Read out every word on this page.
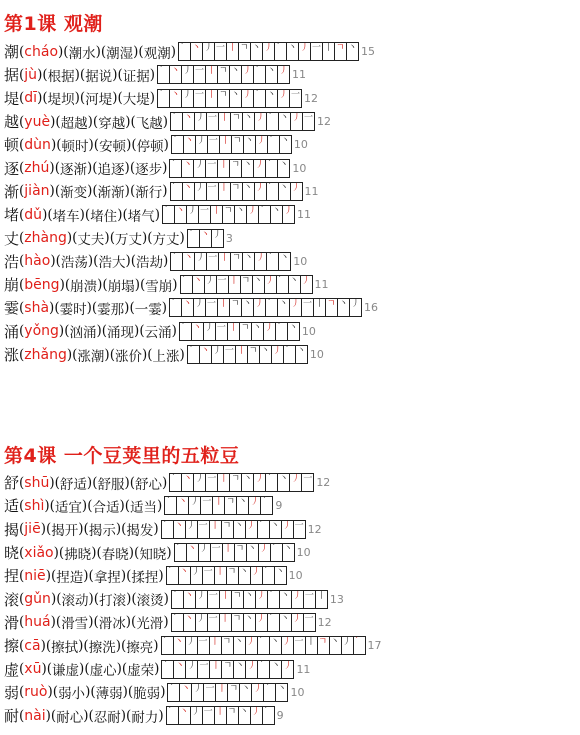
第1课 观潮
潮 ( cháo ) ( 潮水 ) ( 潮湿 ) ( 观潮 ) ` 丶 丿 一 丨 ㄱ 丶 丿 ` 丶 丿 一 丨 ㄱ 丶 15
据 ( jù ) ( 根据 ) ( 据说 ) ( 证据 ) ` 丶 丿 一 丨 ㄱ 丶 丿 ` 丶 丿 11
堤 ( dī ) ( 堤坝 ) ( 河堤 ) ( 大堤 ) ` 丶 丿 一 丨 ㄱ 丶 丿 ` 丶 丿 一 12
越 ( yuè ) ( 超越 ) ( 穿越 ) ( 飞越 ) ` 丶 丿 一 丨 ㄱ 丶 丿 ` 丶 丿 一 12
顿 ( dùn ) ( 顿时 ) ( 安顿 ) ( 停顿 ) ` 丶 丿 一 丨 ㄱ 丶 丿 ` 丶 10
逐 ( zhú ) ( 逐渐 ) ( 追逐 ) ( 逐步 ) ` 丶 丿 一 丨 ㄱ 丶 丿 ` 丶 10
渐 ( jiàn ) ( 渐变 ) ( 渐渐 ) ( 渐行 ) ` 丶 丿 一 丨 ㄱ 丶 丿 ` 丶 丿 11
堵 ( dǔ ) ( 堵车 ) ( 堵住 ) ( 堵气 ) ` 丶 丿 一 丨 ㄱ 丶 丿 ` 丶 丿 11
丈 ( zhàng ) ( 丈夫 ) ( 万丈 ) ( 方丈 ) ` 丶 丿 3
浩 ( hào ) ( 浩荡 ) ( 浩大 ) ( 浩劫 ) ` 丶 丿 一 丨 ㄱ 丶 丿 ` 丶 10
崩 ( bēng ) ( 崩溃 ) ( 崩塌 ) ( 雪崩 ) ` 丶 丿 一 丨 ㄱ 丶 丿 ` 丶 丿 11
霎 ( shà ) ( 霎时 ) ( 霎那 ) ( 一霎 ) ` 丶 丿 一 丨 ㄱ 丶 丿 ` 丶 丿 一 丨 ㄱ 丶 丿 16
涌 ( yǒng ) ( 汹涌 ) ( 涌现 ) ( 云涌 ) ` 丶 丿 一 丨 ㄱ 丶 丿 ` 丶 10
涨 ( zhǎng ) ( 涨潮 ) ( 涨价 ) ( 上涨 ) ` 丶 丿 一 丨 ㄱ 丶 丿 ` 丶 10
第4课 一个豆荚里的五粒豆
舒 ( shū ) ( 舒适 ) ( 舒服 ) ( 舒心 ) ` 丶 丿 一 丨 ㄱ 丶 丿 ` 丶 丿 一 12
适 ( shì ) ( 适宜 ) ( 合适 ) ( 适当 ) ` 丶 丿 一 丨 ㄱ 丶 丿 ` 9
揭 ( jiē ) ( 揭开 ) ( 揭示 ) ( 揭发 ) ` 丶 丿 一 丨 ㄱ 丶 丿 ` 丶 丿 一 12
晓 ( xiǎo ) ( 拂晓 ) ( 春晓 ) ( 知晓 ) ` 丶 丿 一 丨 ㄱ 丶 丿 ` 丶 10
捏 ( niē ) ( 捏造 ) ( 拿捏 ) ( 揉捏 ) ` 丶 丿 一 丨 ㄱ 丶 丿 ` 丶 10
滚 ( gǔn ) ( 滚动 ) ( 打滚 ) ( 滚烫 ) ` 丶 丿 一 丨 ㄱ 丶 丿 ` 丶 丿 一 丨 13
滑 ( huá ) ( 滑雪 ) ( 滑冰 ) ( 光滑 ) ` 丶 丿 一 丨 ㄱ 丶 丿 ` 丶 丿 一 12
擦 ( cā ) ( 擦拭 ) ( 擦洗 ) ( 擦亮 ) ` 丶 丿 一 丨 ㄱ 丶 丿 ` 丶 丿 一 丨 ㄱ 丶 丿 ` 17
虚 ( xū ) ( 谦虚 ) ( 虚心 ) ( 虚荣 ) ` 丶 丿 一 丨 ㄱ 丶 丿 ` 丶 丿 11
弱 ( ruò ) ( 弱小 ) ( 薄弱 ) ( 脆弱 ) ` 丶 丿 一 丨 ㄱ 丶 丿 ` 丶 10
耐 ( nài ) ( 耐心 ) ( 忍耐 ) ( 耐力 ) ` 丶 丿 一 丨 ㄱ 丶 丿 ` 9
